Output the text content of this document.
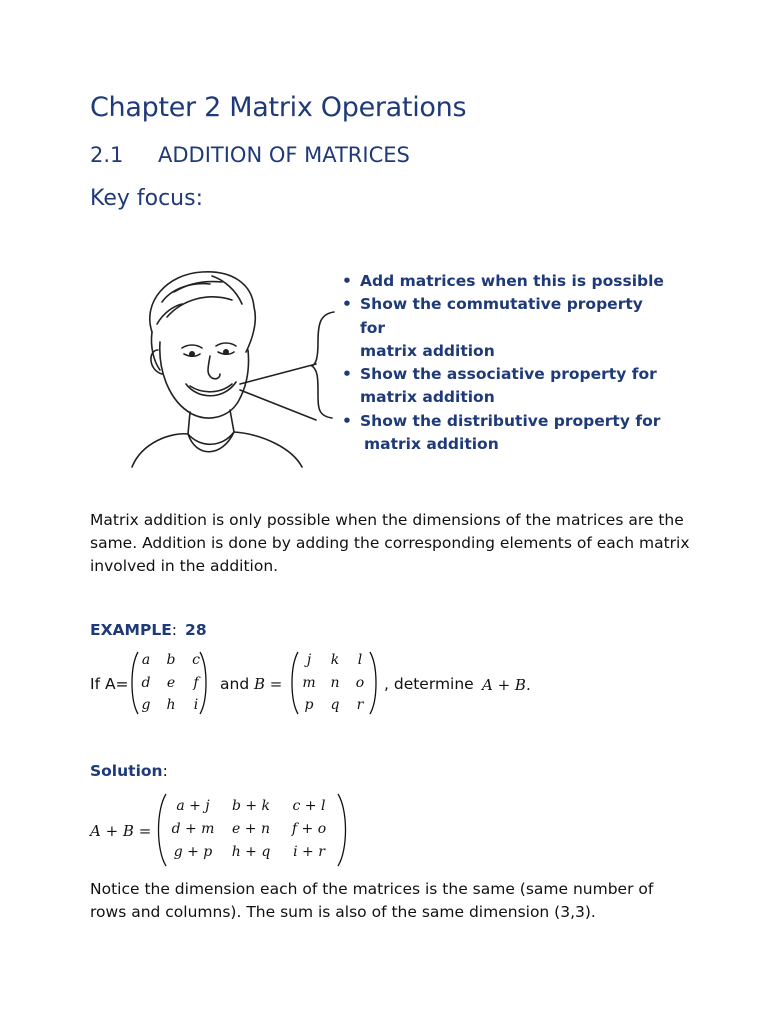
Chapter 2 Matrix Operations
2.1 ADDITION OF MATRICES
Key focus:
• Add matrices when this is possible
• Show the commutative property for
matrix addition
• Show the associative property for
matrix addition
• Show the distributive property for
matrix addition

Matrix addition is only possible when the dimensions of the matrices are the same. Addition is done by adding the corresponding elements of each matrix involved in the addition.

EXAMPLE: 28
If A=
a b c
d e f
g h i
and B =
j	k l
m n o
p	q r
, determine A + B.
Solution:
A + B =
a + j	b + k	c + l
d + m	e + n	f + o
g + p	h + q	i + r

Notice the dimension each of the matrices is the same (same number of rows and columns). The sum is also of the same dimension (3,3).
